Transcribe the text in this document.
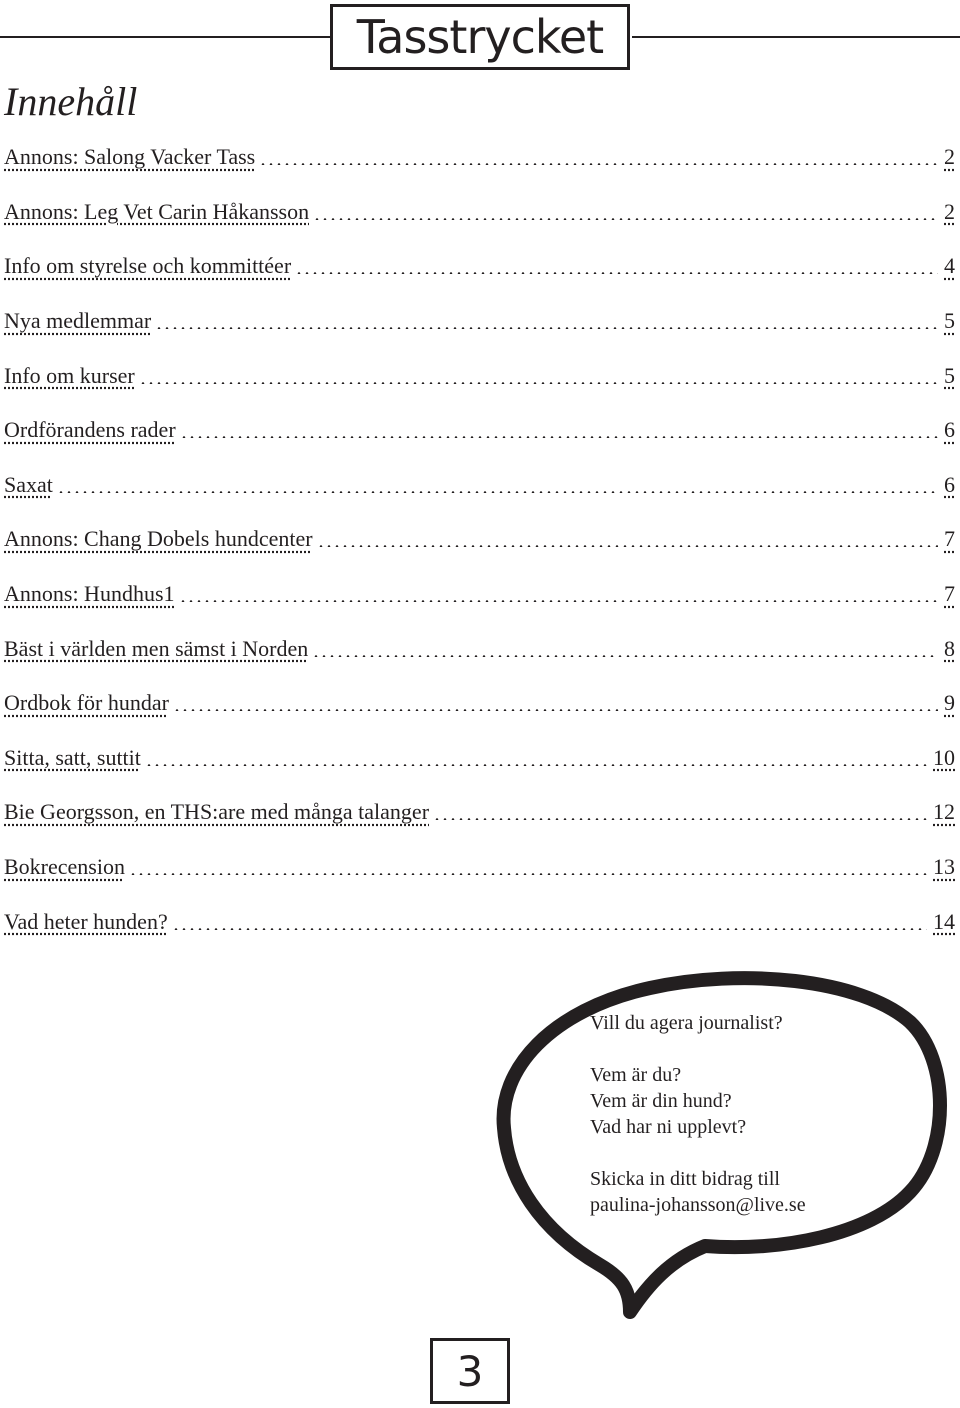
Tasstrycket
Innehåll
Annons: Salong Vacker Tass	2
Annons: Leg Vet Carin Håkansson	2
Info om styrelse och kommittéer	4
Nya medlemmar	5
Info om kurser	5
Ordförandens rader	6
Saxat	6
Annons: Chang Dobels hundcenter	7
Annons: Hundhus1	7
Bäst i världen men sämst i Norden	8
Ordbok för hundar	9
Sitta, satt, suttit	10
Bie Georgsson, en THS:are med många talanger	12
Bokrecension	13
Vad heter hunden?	14

Vill du agera journalist?

Vem är du?

Vem är din hund?

Vad har ni upplevt?

Skicka in ditt bidrag till

paulina-johansson@live.se

3
